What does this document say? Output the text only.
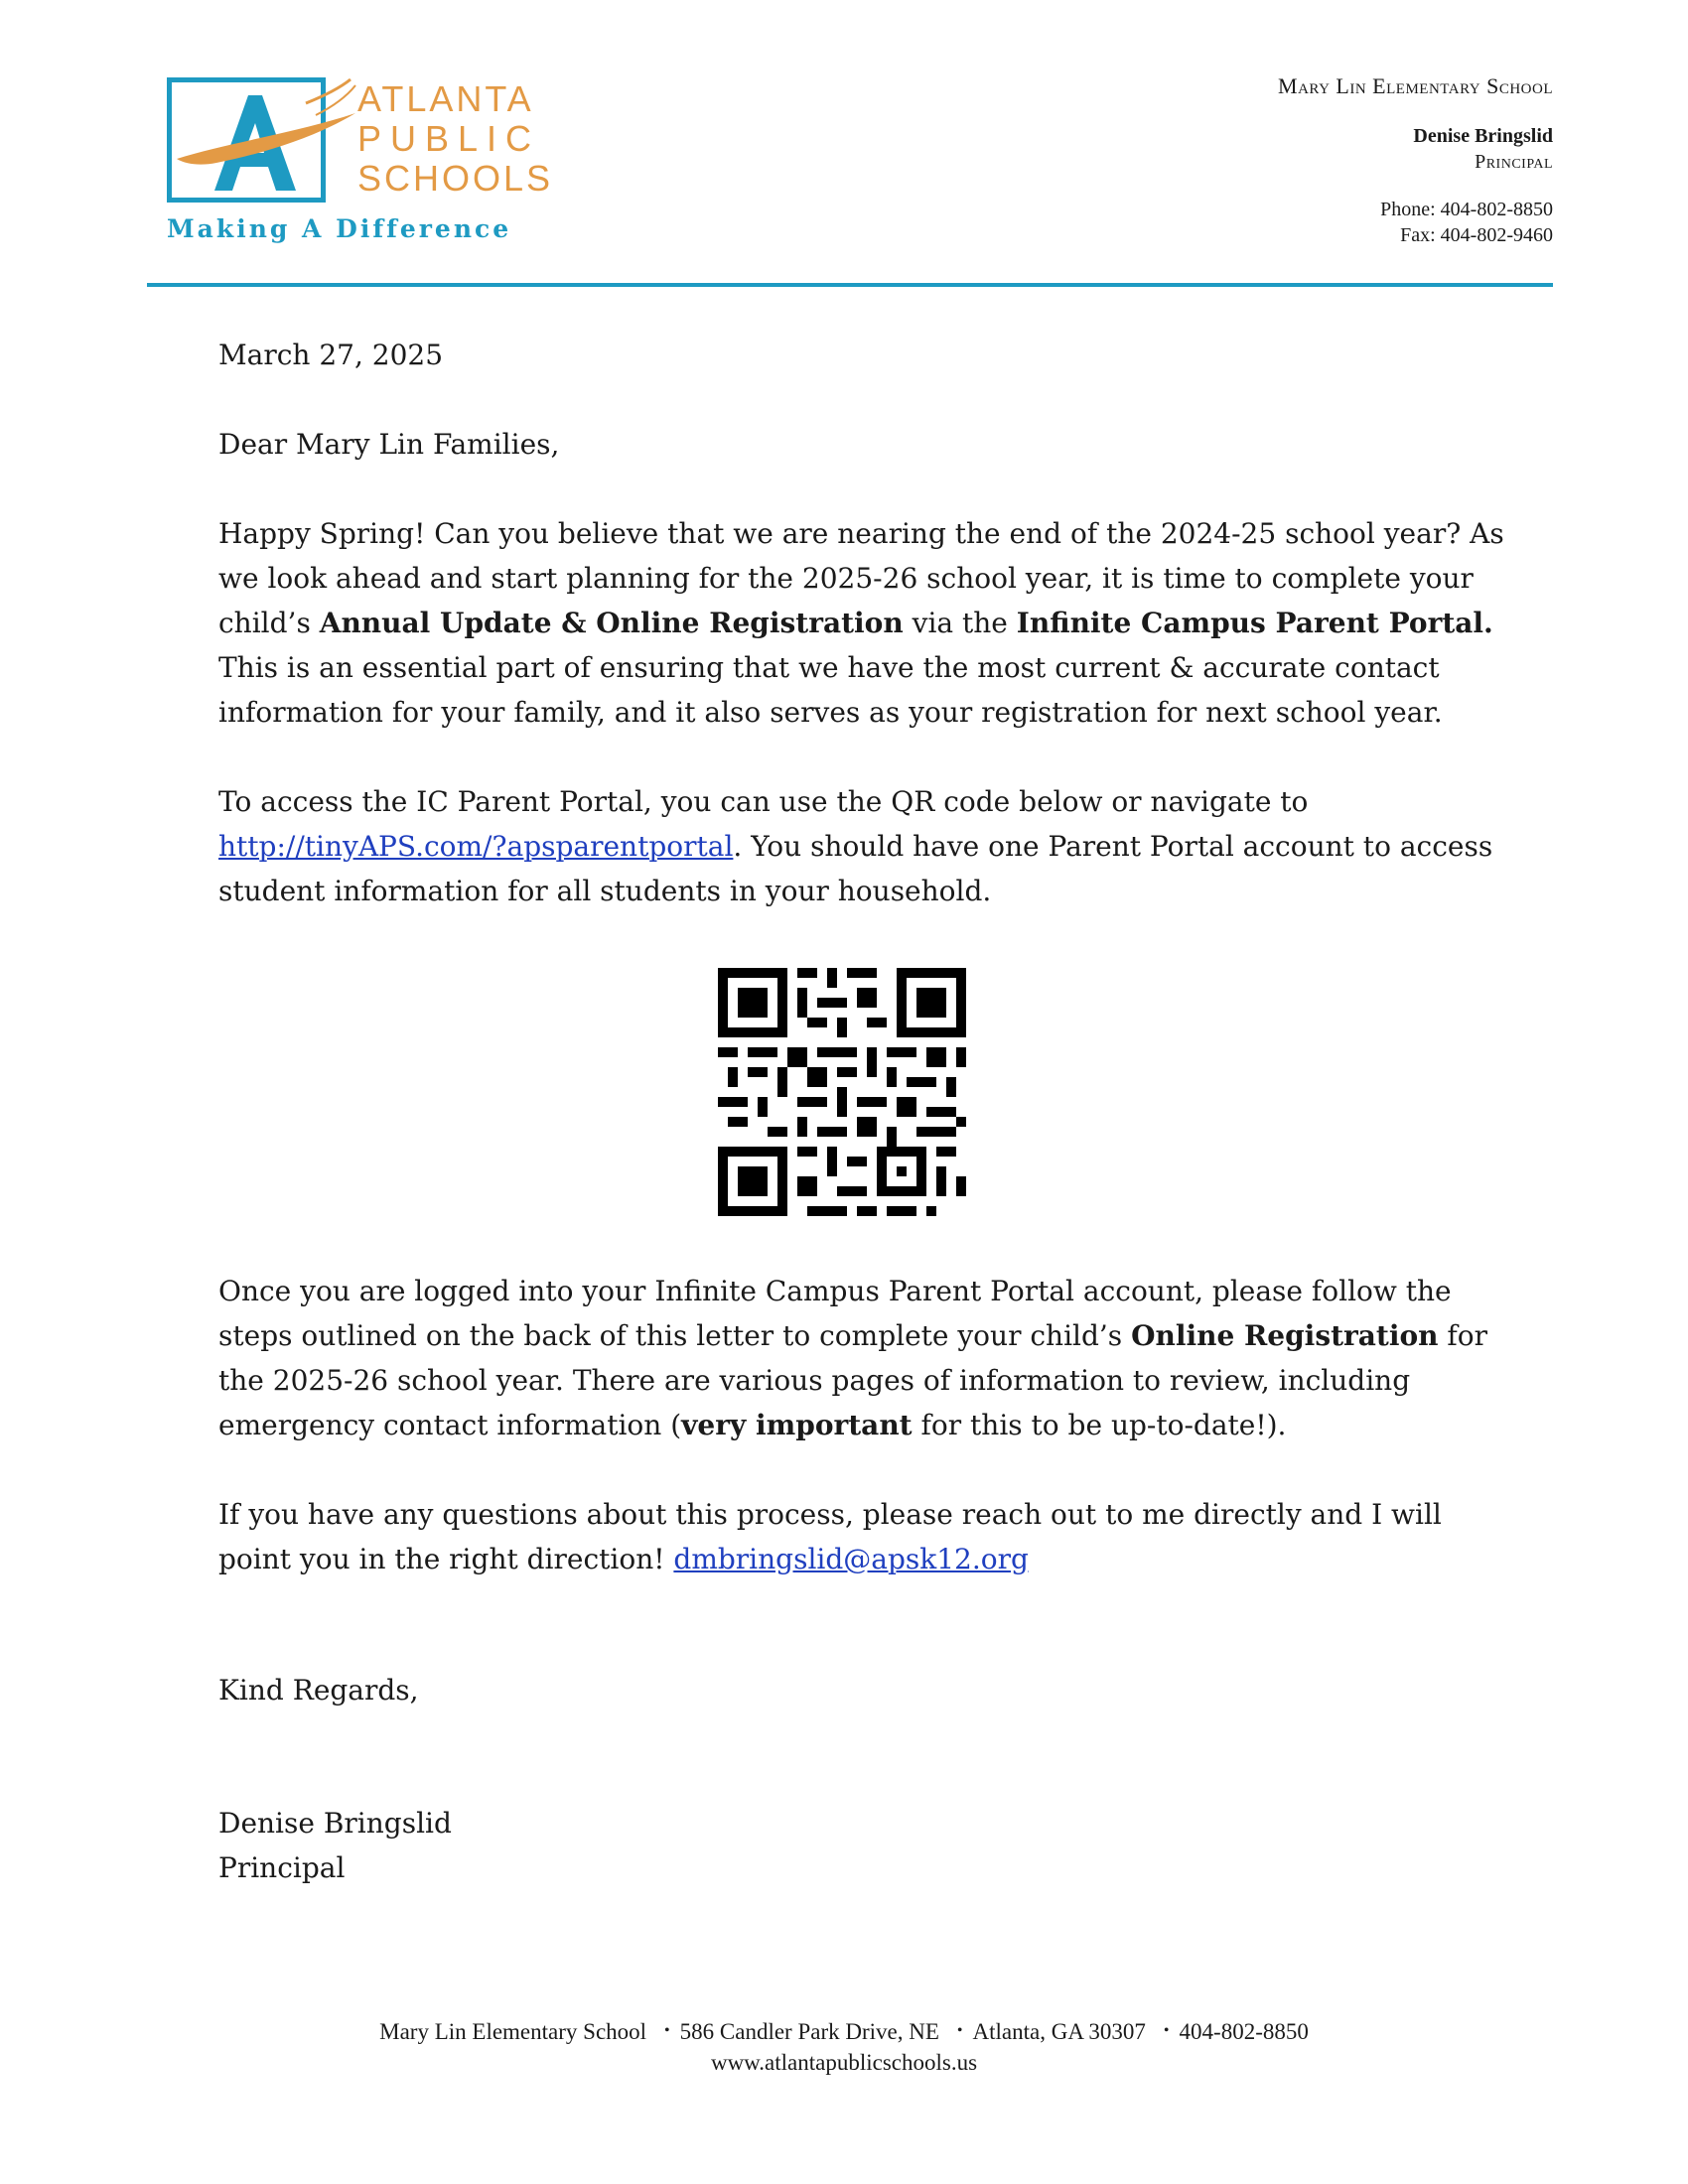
ATLANTA
PUBLIC
SCHOOLS
Making A Difference
Mary Lin Elementary School
Denise Bringslid
Principal
Phone: 404-802-8850
Fax: 404-802-9460

March 27, 2025

Dear Mary Lin Families,

Happy Spring! Can you believe that we are nearing the end of the 2024-25 school year? As we look ahead and start planning for the 2025-26 school year, it is time to complete your child’s Annual Update & Online Registration via the Infinite Campus Parent Portal. This is an essential part of ensuring that we have the most current & accurate contact information for your family, and it also serves as your registration for next school year.

To access the IC Parent Portal, you can use the QR code below or navigate to http://tinyAPS.com/?apsparentportal. You should have one Parent Portal account to access student information for all students in your household.

Once you are logged into your Infinite Campus Parent Portal account, please follow the steps outlined on the back of this letter to complete your child’s Online Registration for the 2025-26 school year. There are various pages of information to review, including emergency contact information (very important for this to be up-to-date!).

If you have any questions about this process, please reach out to me directly and I will point you in the right direction! dmbringslid@apsk12.org

Kind Regards,
Denise Bringslid
Principal
Mary Lin Elementary School • 586 Candler Park Drive, NE • Atlanta, GA 30307 • 404-802-8850
www.atlantapublicschools.us
